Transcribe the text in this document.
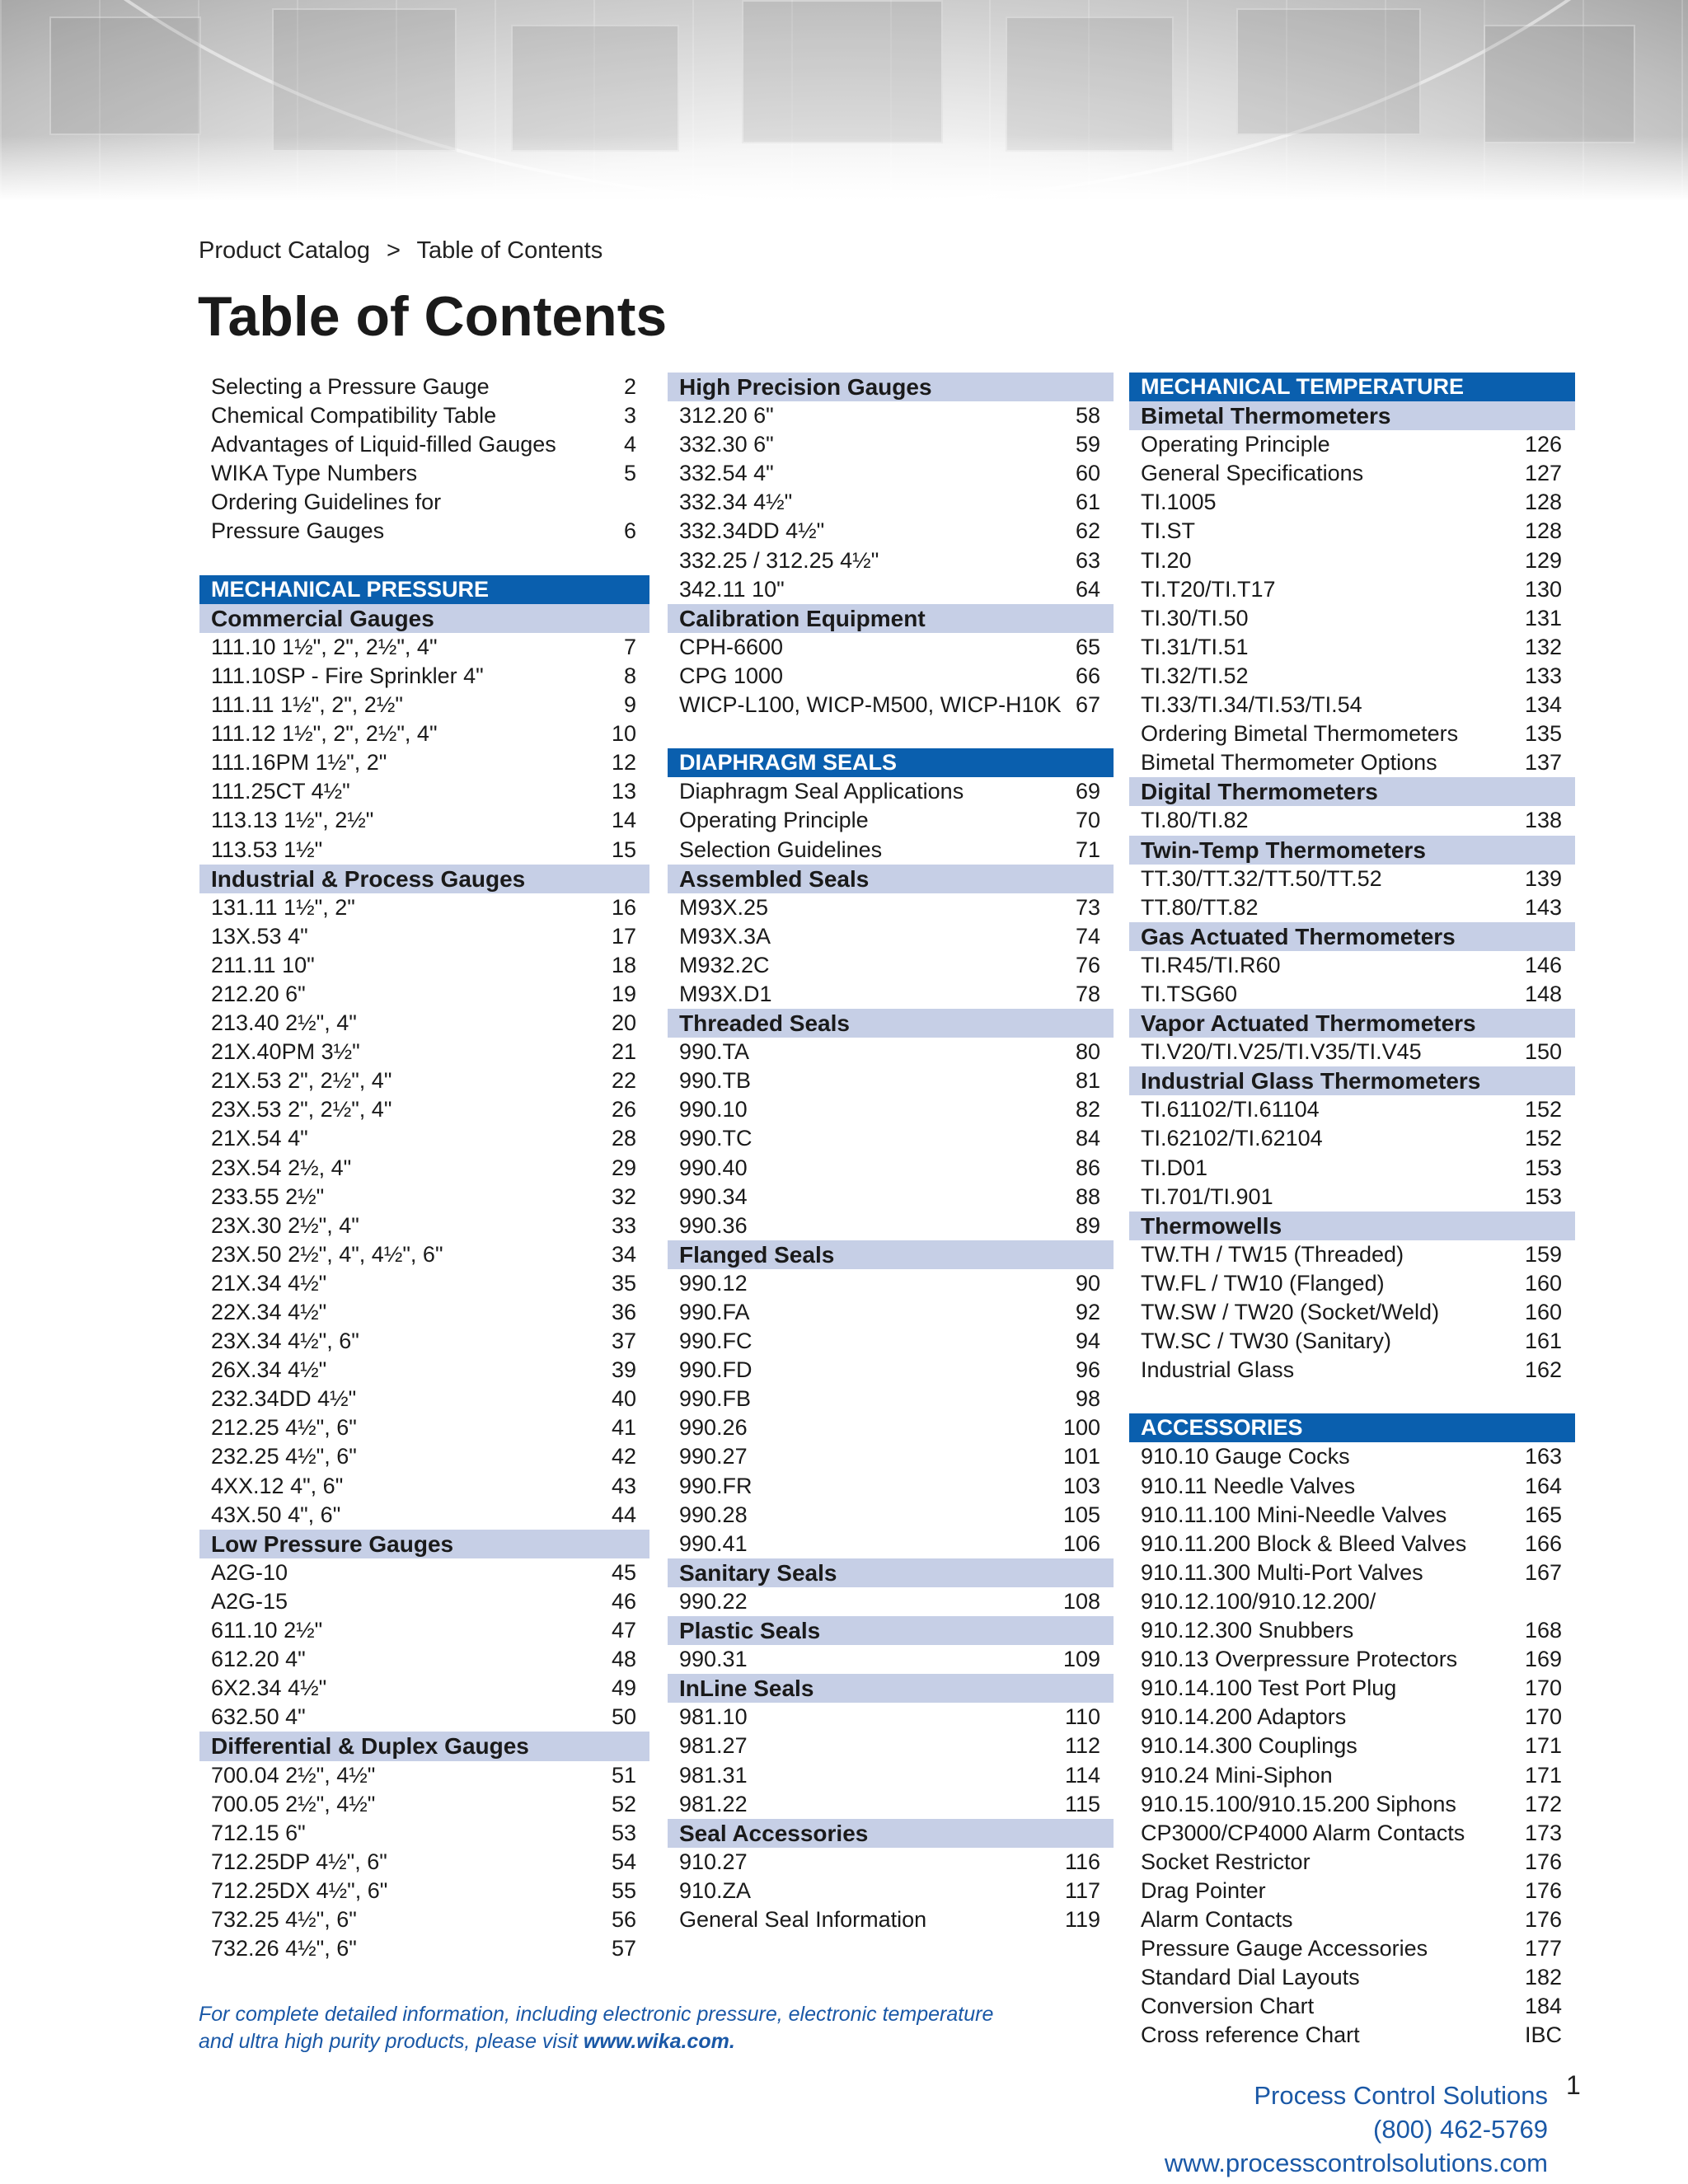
Product Catalog > Table of Contents
Table of Contents
Selecting a Pressure Gauge	2
Chemical Compatibility Table	3
Advantages of Liquid-filled Gauges	4
WIKA Type Numbers	5
Ordering Guidelines for
Pressure Gauges	6
MECHANICAL PRESSURE
Commercial Gauges
111.10 1½", 2", 2½", 4"	7
111.10SP - Fire Sprinkler 4"	8
111.11 1½", 2", 2½"	9
111.12 1½", 2", 2½", 4"	10
111.16PM 1½", 2"	12
111.25CT 4½"	13
113.13 1½", 2½"	14
113.53 1½"	15
Industrial & Process Gauges
131.11 1½", 2"	16
13X.53 4"	17
211.11 10"	18
212.20 6"	19
213.40 2½", 4"	20
21X.40PM 3½"	21
21X.53 2", 2½", 4"	22
23X.53 2", 2½", 4"	26
21X.54 4"	28
23X.54 2½, 4"	29
233.55 2½"	32
23X.30 2½", 4"	33
23X.50 2½", 4", 4½", 6"	34
21X.34 4½"	35
22X.34 4½"	36
23X.34 4½", 6"	37
26X.34 4½"	39
232.34DD 4½"	40
212.25 4½", 6"	41
232.25 4½", 6"	42
4XX.12 4", 6"	43
43X.50 4", 6"	44
Low Pressure Gauges
A2G-10	45
A2G-15	46
611.10 2½"	47
612.20 4"	48
6X2.34 4½"	49
632.50 4"	50
Differential & Duplex Gauges
700.04 2½", 4½"	51
700.05 2½", 4½"	52
712.15 6"	53
712.25DP 4½", 6"	54
712.25DX 4½", 6"	55
732.25 4½", 6"	56
732.26 4½", 6"	57
High Precision Gauges
312.20 6"	58
332.30 6"	59
332.54 4"	60
332.34 4½"	61
332.34DD 4½"	62
332.25 / 312.25 4½"	63
342.11 10"	64
Calibration Equipment
CPH-6600	65
CPG 1000	66
WICP-L100, WICP-M500, WICP-H10K 67
DIAPHRAGM SEALS
Diaphragm Seal Applications	69
Operating Principle	70
Selection Guidelines	71
Assembled Seals
M93X.25	73
M93X.3A	74
M932.2C	76
M93X.D1	78
Threaded Seals
990.TA	80
990.TB	81
990.10	82
990.TC	84
990.40	86
990.34	88
990.36	89
Flanged Seals
990.12	90
990.FA	92
990.FC	94
990.FD	96
990.FB	98
990.26	100
990.27	101
990.FR	103
990.28	105
990.41	106
Sanitary Seals
990.22	108
Plastic Seals
990.31	109
InLine Seals
981.10	110
981.27	112
981.31	114
981.22	115
Seal Accessories
910.27	116
910.ZA	117
General Seal Information	119
MECHANICAL TEMPERATURE
Bimetal Thermometers
Operating Principle	126
General Specifications	127
TI.1005	128
TI.ST	128
TI.20	129
TI.T20/TI.T17	130
TI.30/TI.50	131
TI.31/TI.51	132
TI.32/TI.52	133
TI.33/TI.34/TI.53/TI.54	134
Ordering Bimetal Thermometers	135
Bimetal Thermometer Options	137
Digital Thermometers
TI.80/TI.82	138
Twin-Temp Thermometers
TT.30/TT.32/TT.50/TT.52	139
TT.80/TT.82	143
Gas Actuated Thermometers
TI.R45/TI.R60	146
TI.TSG60	148
Vapor Actuated Thermometers
TI.V20/TI.V25/TI.V35/TI.V45	150
Industrial Glass Thermometers
TI.61102/TI.61104	152
TI.62102/TI.62104	152
TI.D01	153
TI.701/TI.901	153
Thermowells
TW.TH / TW15 (Threaded)	159
TW.FL / TW10 (Flanged)	160
TW.SW / TW20 (Socket/Weld)	160
TW.SC / TW30 (Sanitary)	161
Industrial Glass	162
ACCESSORIES
910.10 Gauge Cocks	163
910.11 Needle Valves	164
910.11.100 Mini-Needle Valves	165
910.11.200 Block & Bleed Valves	166
910.11.300 Multi-Port Valves	167
910.12.100/910.12.200/
910.12.300 Snubbers	168
910.13 Overpressure Protectors	169
910.14.100 Test Port Plug	170
910.14.200 Adaptors	170
910.14.300 Couplings	171
910.24 Mini-Siphon	171
910.15.100/910.15.200 Siphons	172
CP3000/CP4000 Alarm Contacts	173
Socket Restrictor	176
Drag Pointer	176
Alarm Contacts	176
Pressure Gauge Accessories	177
Standard Dial Layouts	182
Conversion Chart	184
Cross reference Chart	IBC
For complete detailed information, including electronic pressure, electronic temperature
and ultra high purity products, please visit www.wika.com.
Process Control Solutions
(800) 462-5769
www.processcontrolsolutions.com
1
